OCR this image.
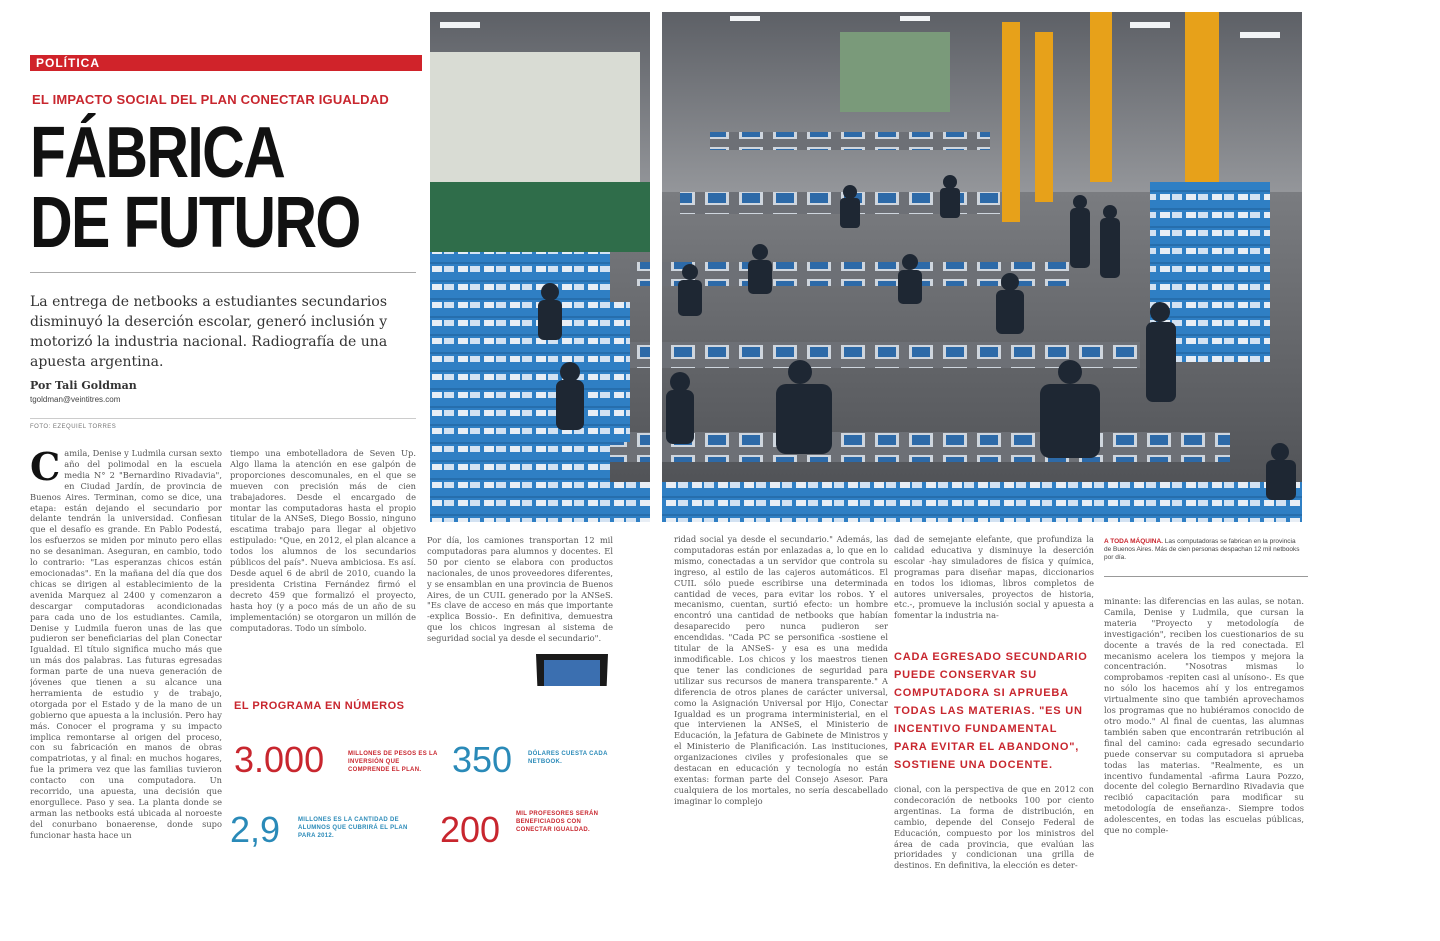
POLÍTICA
EL IMPACTO SOCIAL DEL PLAN CONECTAR IGUALDAD
FÁBRICA
DE FUTURO

La entrega de netbooks a estudiantes secundarios disminuyó la deserción escolar, generó inclusión y motorizó la industria nacional. Radiografía de una apuesta argentina.

Por Tali Goldman
tgoldman@veintitres.com
FOTO: EZEQUIEL TORRES
Camila, Denise y Ludmila cursan sexto año del polimodal en la escuela media N° 2 "Bernardino Rivadavia", en Ciudad Jardín, de provincia de Buenos Aires. Terminan, como se dice, una etapa: están dejando el secundario por delante tendrán la universidad. Confiesan que el desafío es grande. En Pablo Podestá, los esfuerzos se miden por minuto pero ellas no se desaniman. Aseguran, en cambio, todo lo contrario: "Las esperanzas chicos están emocionadas". En la mañana del día que dos chicas se dirigen al establecimiento de la avenida Marquez al 2400 y comenzaron a descargar computadoras acondicionadas para cada uno de los estudiantes. Camila, Denise y Ludmila fueron unas de las que pudieron ser beneficiarias del plan Conectar Igualdad. El título significa mucho más que un más dos palabras. Las futuras egresadas forman parte de una nueva generación de jóvenes que tienen a su alcance una herramienta de estudio y de trabajo, otorgada por el Estado y de la mano de un gobierno que apuesta a la inclusión. Pero hay más. Conocer el programa y su impacto implica remontarse al origen del proceso, con su fabricación en manos de obras compatriotas, y al final: en muchos hogares, fue la primera vez que las familias tuvieron contacto con una computadora. Un recorrido, una apuesta, una decisión que enorgullece. Paso y sea. La planta donde se arman las netbooks está ubicada al noroeste del conurbano bonaerense, donde supo funcionar hasta hace un
tiempo una embotelladora de Seven Up. Algo llama la atención en ese galpón de proporciones descomunales, en el que se mueven con precisión más de cien trabajadores. Desde el encargado de montar las computadoras hasta el propio titular de la ANSeS, Diego Bossio, ninguno escatima trabajo para llegar al objetivo estipulado: "Que, en 2012, el plan alcance a todos los alumnos de los secundarios públicos del país". Nueva ambiciosa. Es así. Desde aquel 6 de abril de 2010, cuando la presidenta Cristina Fernández firmó el decreto 459 que formalizó el proyecto, hasta hoy (y a poco más de un año de su implementación) se otorgaron un millón de computadoras. Todo un símbolo.
Por día, los camiones transportan 12 mil computadoras para alumnos y docentes. El 50 por ciento se elabora con productos nacionales, de unos proveedores diferentes, y se ensamblan en una provincia de Buenos Aires, de un CUIL generado por la ANSeS. "Es clave de acceso en más que importante -explica Bossio-. En definitiva, demuestra que los chicos ingresan al sistema de seguridad social ya desde el secundario".
EL PROGRAMA EN NÚMEROS
3.000	MILLONES DE PESOS ES LA INVERSIÓN QUE COMPRENDE EL PLAN. 350	DÓLARES CUESTA CADA NETBOOK.
2,9	MILLONES ES LA CANTIDAD DE ALUMNOS QUE CUBRIRÁ EL PLAN PARA 2012.	200	MIL PROFESORES SERÁN BENEFICIADOS CON CONECTAR IGUALDAD.
ridad social ya desde el secundario." Además, las computadoras están por enlazadas a, lo que en lo mismo, conectadas a un servidor que controla su ingreso, al estilo de las cajeros automáticos. El CUIL sólo puede escribirse una determinada cantidad de veces, para evitar los robos. Y el mecanismo, cuentan, surtió efecto: un hombre encontró una cantidad de netbooks que habían desaparecido pero nunca pudieron ser encendidas. "Cada PC se personifica -sostiene el titular de la ANSeS- y esa es una medida inmodificable. Los chicos y los maestros tienen que tener las condiciones de seguridad para utilizar sus recursos de manera transparente." A diferencia de otros planes de carácter universal, como la Asignación Universal por Hijo, Conectar Igualdad es un programa interministerial, en el que intervienen la ANSeS, el Ministerio de Educación, la Jefatura de Gabinete de Ministros y el Ministerio de Planificación. Las instituciones, organizaciones civiles y profesionales que se destacan en educación y tecnología no están exentas: forman parte del Consejo Asesor. Para cualquiera de los mortales, no sería descabellado imaginar lo complejo
dad de semejante elefante, que profundiza la calidad educativa y disminuye la deserción escolar -hay simuladores de física y química, programas para diseñar mapas, diccionarios en todos los idiomas, libros completos de autores universales, proyectos de historia, etc.-, promueve la inclusión social y apuesta a fomentar la industria na-
cional, con la perspectiva de que en 2012 con condecoración de netbooks 100 por ciento argentinas. La forma de distribución, en cambio, depende del Consejo Federal de Educación, compuesto por los ministros del área de cada provincia, que evalúan las prioridades y condicionan una grilla de destinos. En definitiva, la elección es deter-
minante: las diferencias en las aulas, se notan. Camila, Denise y Ludmila, que cursan la materia "Proyecto y metodología de investigación", reciben los cuestionarios de su docente a través de la red conectada. El mecanismo acelera los tiempos y mejora la concentración. "Nosotras mismas lo comprobamos -repiten casi al unísono-. Es que no sólo los hacemos ahí y los entregamos virtualmente sino que también aprovechamos los programas que no hubiéramos conocido de otro modo." Al final de cuentas, las alumnas también saben que encontrarán retribución al final del camino: cada egresado secundario puede conservar su computadora si aprueba todas las materias. "Realmente, es un incentivo fundamental -afirma Laura Pozzo, docente del colegio Bernardino Rivadavia que recibió capacitación para modificar su metodología de enseñanza-. Siempre todos adolescentes, en todas las escuelas públicas, que no comple-

CADA EGRESADO SECUNDARIO PUEDE CONSERVAR SU COMPUTADORA SI APRUEBA TODAS LAS MATERIAS. "ES UN INCENTIVO FUNDAMENTAL PARA EVITAR EL ABANDONO", SOSTIENE UNA DOCENTE.

A TODA MÁQUINA. Las computadoras se fabrican en la provincia de Buenos Aires. Más de cien personas despachan 12 mil netbooks por día.
